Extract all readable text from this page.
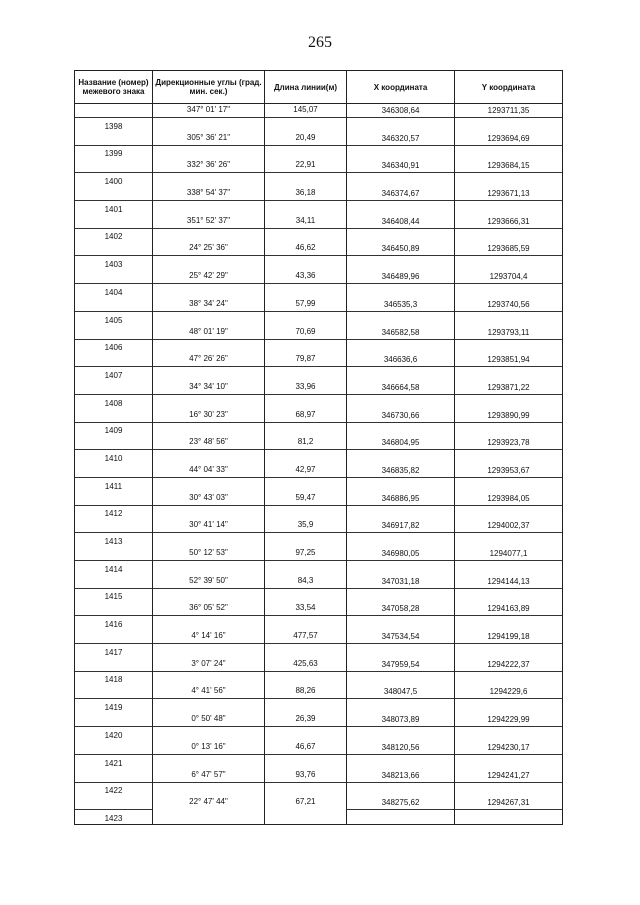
265
Название (номер) межевого знака	Дирекционные углы (град. мин. сек.)	Длина линии(м)	X координата	Y координата

1398	347° 01' 17"	145,07	346308,64	1293711,35

1399	305° 36' 21"	20,49	346320,57	1293694,69

1400	332° 36' 26"	22,91	346340,91	1293684,15

1401	338° 54' 37"	36,18	346374,67	1293671,13

1402	351° 52' 37"	34,11	346408,44	1293666,31

1403	24° 25' 36"	46,62	346450,89	1293685,59

1404	25° 42' 29"	43,36	346489,96	1293704,4

1405	38° 34' 24"	57,99	346535,3	1293740,56

1406	48° 01' 19"	70,69	346582,58	1293793,11

1407	47° 26' 26"	79,87	346636,6	1293851,94

1408	34° 34' 10"	33,96	346664,58	1293871,22

1409	16° 30' 23"	68,97	346730,66	1293890,99

1410	23° 48' 56"	81,2	346804,95	1293923,78

1411	44° 04' 33"	42,97	346835,82	1293953,67

1412	30° 43' 03"	59,47	346886,95	1293984,05

1413	30° 41' 14"	35,9	346917,82	1294002,37

1414	50° 12' 53"	97,25	346980,05	1294077,1

1415	52° 39' 50"	84,3	347031,18	1294144,13

1416	36° 05' 52"	33,54	347058,28	1294163,89

1417	4° 14' 16"	477,57	347534,54	1294199,18

1418	3° 07' 24"	425,63	347959,54	1294222,37

1419	4° 41' 56"	88,26	348047,5	1294229,6

1420	0° 50' 48"	26,39	348073,89	1294229,99

1421	0° 13' 16"	46,67	348120,56	1294230,17

1422	6° 47' 57"	93,76	348213,66	1294241,27

1423	22° 47' 44"	67,21	348275,62	1294267,31
